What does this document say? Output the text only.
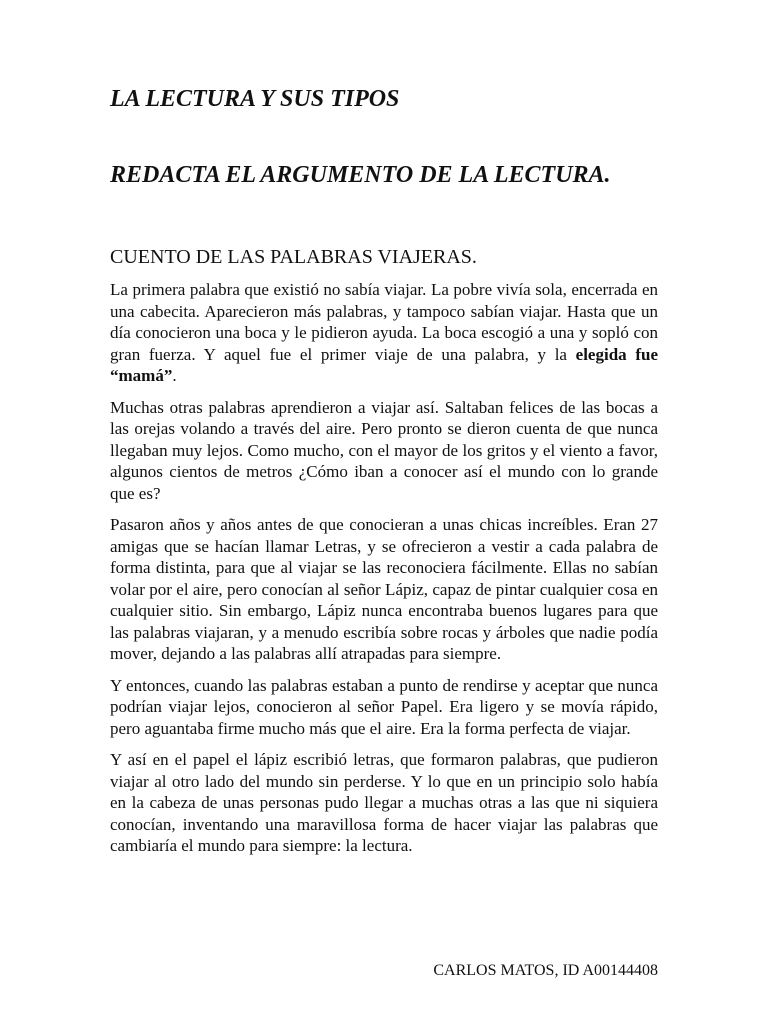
LA LECTURA Y SUS TIPOS
REDACTA EL ARGUMENTO DE LA LECTURA.
CUENTO DE LAS PALABRAS VIAJERAS.

La primera palabra que existió no sabía viajar. La pobre vivía sola, encerrada en una cabecita. Aparecieron más palabras, y tampoco sabían viajar. Hasta que un día conocieron una boca y le pidieron ayuda. La boca escogió a una y sopló con gran fuerza. Y aquel fue el primer viaje de una palabra, y la elegida fue “mamá”.

Muchas otras palabras aprendieron a viajar así. Saltaban felices de las bocas a las orejas volando a través del aire. Pero pronto se dieron cuenta de que nunca llegaban muy lejos. Como mucho, con el mayor de los gritos y el viento a favor, algunos cientos de metros ¿Cómo iban a conocer así el mundo con lo grande que es?

Pasaron años y años antes de que conocieran a unas chicas increíbles. Eran 27 amigas que se hacían llamar Letras, y se ofrecieron a vestir a cada palabra de forma distinta, para que al viajar se las reconociera fácilmente. Ellas no sabían volar por el aire, pero conocían al señor Lápiz, capaz de pintar cualquier cosa en cualquier sitio. Sin embargo, Lápiz nunca encontraba buenos lugares para que las palabras viajaran, y a menudo escribía sobre rocas y árboles que nadie podía mover, dejando a las palabras allí atrapadas para siempre.

Y entonces, cuando las palabras estaban a punto de rendirse y aceptar que nunca podrían viajar lejos, conocieron al señor Papel. Era ligero y se movía rápido, pero aguantaba firme mucho más que el aire. Era la forma perfecta de viajar.

Y así en el papel el lápiz escribió letras, que formaron palabras, que pudieron viajar al otro lado del mundo sin perderse. Y lo que en un principio solo había en la cabeza de unas personas pudo llegar a muchas otras a las que ni siquiera conocían, inventando una maravillosa forma de hacer viajar las palabras que cambiaría el mundo para siempre: la lectura.

CARLOS MATOS, ID A00144408
